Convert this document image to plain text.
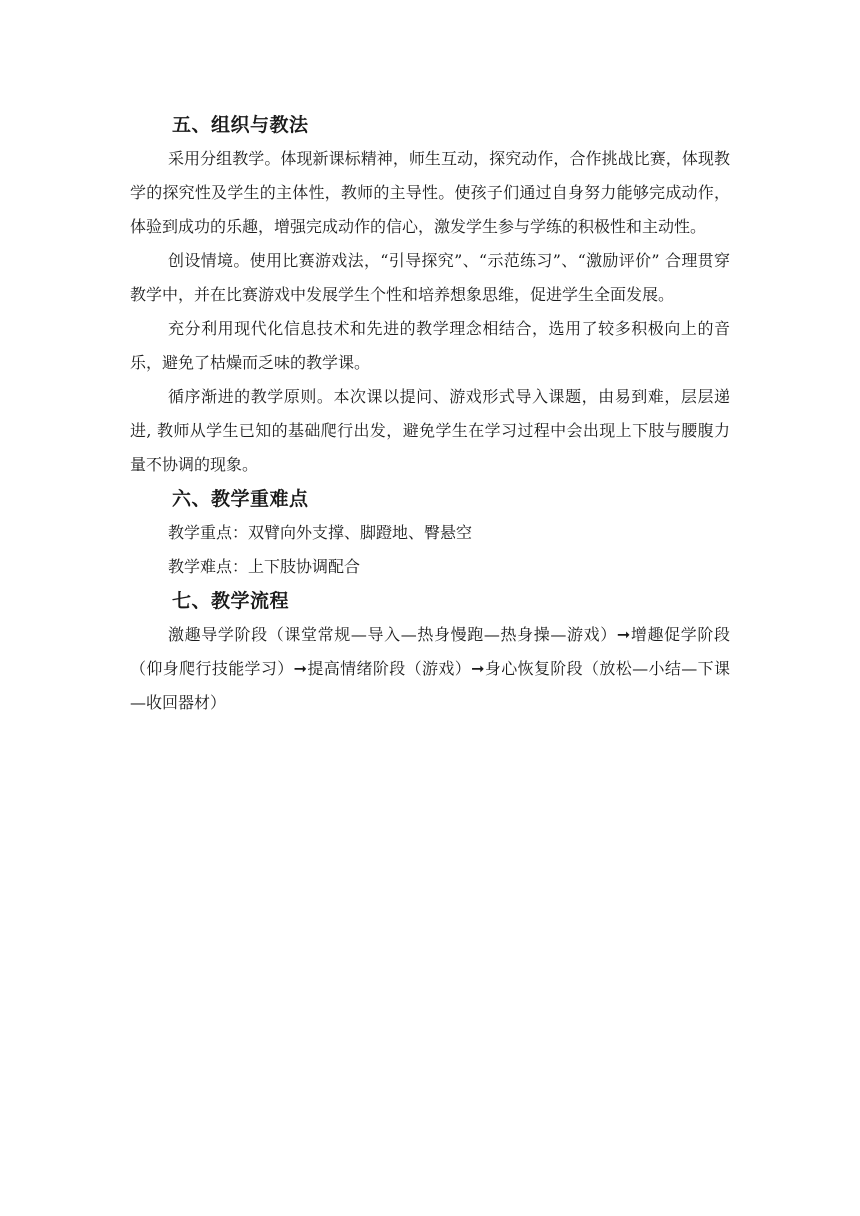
五、组织与教法

采用分组教学。体现新课标精神，师生互动，探究动作，合作挑战比赛，体现教学的探究性及学生的主体性，教师的主导性。使孩子们通过自身努力能够完成动作，体验到成功的乐趣，增强完成动作的信心，激发学生参与学练的积极性和主动性。

创设情境。使用比赛游戏法，“引导探究”、“示范练习”、“激励评价” 合理贯穿教学中，并在比赛游戏中发展学生个性和培养想象思维，促进学生全面发展。

充分利用现代化信息技术和先进的教学理念相结合，选用了较多积极向上的音乐，避免了枯燥而乏味的教学课。

循序渐进的教学原则。本次课以提问、游戏形式导入课题，由易到难，层层递进, 教师从学生已知的基础爬行出发，避免学生在学习过程中会出现上下肢与腰腹力量不协调的现象。

六、教学重难点

教学重点：双臂向外支撑、脚蹬地、臀悬空

教学难点：上下肢协调配合

七、教学流程

激趣导学阶段（课堂常规—导入—热身慢跑—热身操—游戏）➞增趣促学阶段（仰身爬行技能学习）➞提高情绪阶段（游戏）➞身心恢复阶段（放松—小结—下课—收回器材）
